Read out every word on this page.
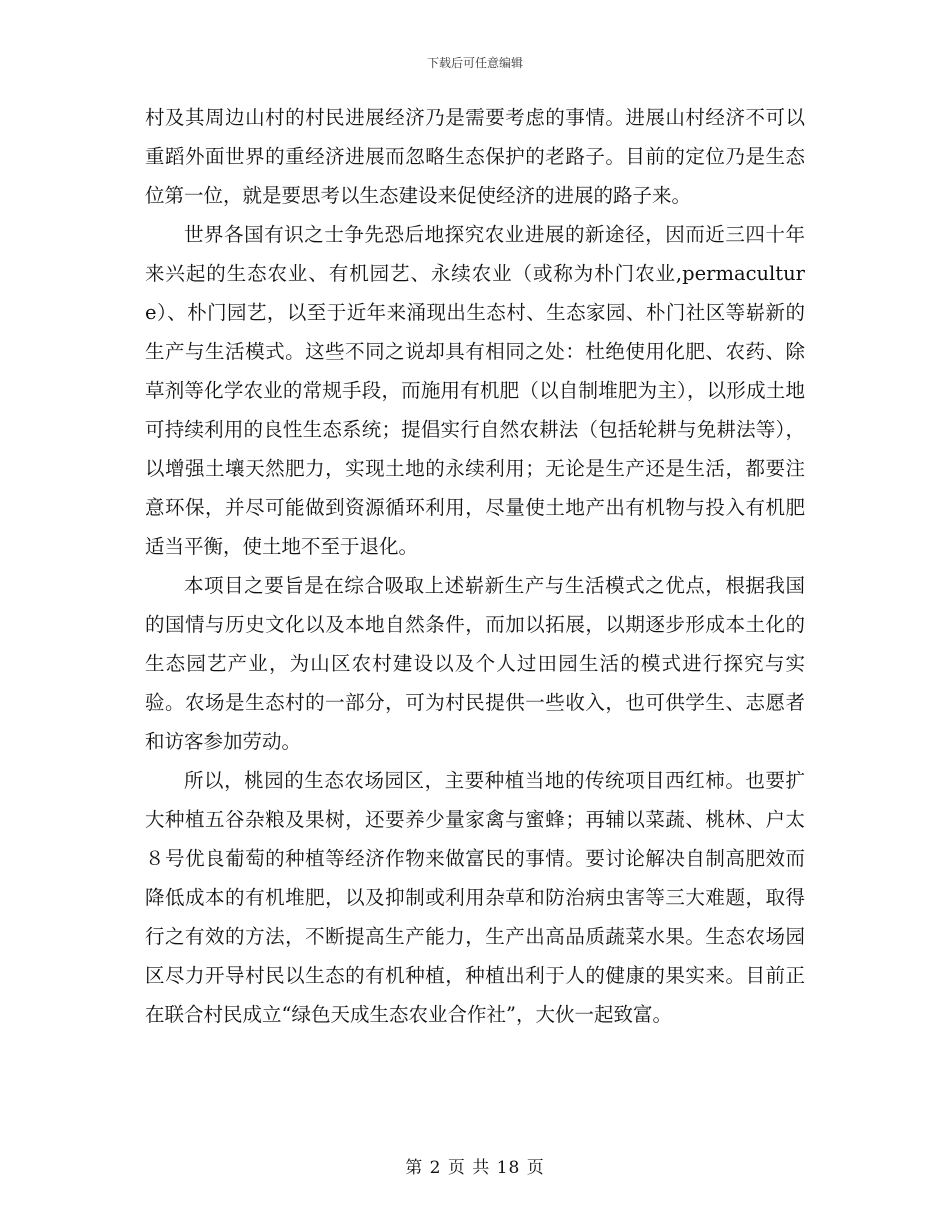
下载后可任意编辑

村及其周边山村的村民进展经济乃是需要考虑的事情。进展山村经济不可以重蹈外面世界的重经济进展而忽略生态保护的老路子。目前的定位乃是生态位第一位，就是要思考以生态建设来促使经济的进展的路子来。

世界各国有识之士争先恐后地探究农业进展的新途径，因而近三四十年来兴起的生态农业、有机园艺、永续农业（或称为朴门农业,permaculture）、朴门园艺，以至于近年来涌现出生态村、生态家园、朴门社区等崭新的生产与生活模式。这些不同之说却具有相同之处：杜绝使用化肥、农药、除草剂等化学农业的常规手段，而施用有机肥（以自制堆肥为主），以形成土地可持续利用的良性生态系统；提倡实行自然农耕法（包括轮耕与免耕法等），以增强土壤天然肥力，实现土地的永续利用；无论是生产还是生活，都要注意环保，并尽可能做到资源循环利用，尽量使土地产出有机物与投入有机肥适当平衡，使土地不至于退化。

本项目之要旨是在综合吸取上述崭新生产与生活模式之优点，根据我国的国情与历史文化以及本地自然条件，而加以拓展，以期逐步形成本土化的生态园艺产业，为山区农村建设以及个人过田园生活的模式进行探究与实验。农场是生态村的一部分，可为村民提供一些收入，也可供学生、志愿者和访客参加劳动。

所以，桃园的生态农场园区，主要种植当地的传统项目西红柿。也要扩大种植五谷杂粮及果树，还要养少量家禽与蜜蜂；再辅以菜蔬、桃林、户太８号优良葡萄的种植等经济作物来做富民的事情。要讨论解决自制高肥效而降低成本的有机堆肥，以及抑制或利用杂草和防治病虫害等三大难题，取得行之有效的方法，不断提高生产能力，生产出高品质蔬菜水果。生态农场园区尽力开导村民以生态的有机种植，种植出利于人的健康的果实来。目前正在联合村民成立“绿色天成生态农业合作社”，大伙一起致富。

第 2 页 共 18 页
